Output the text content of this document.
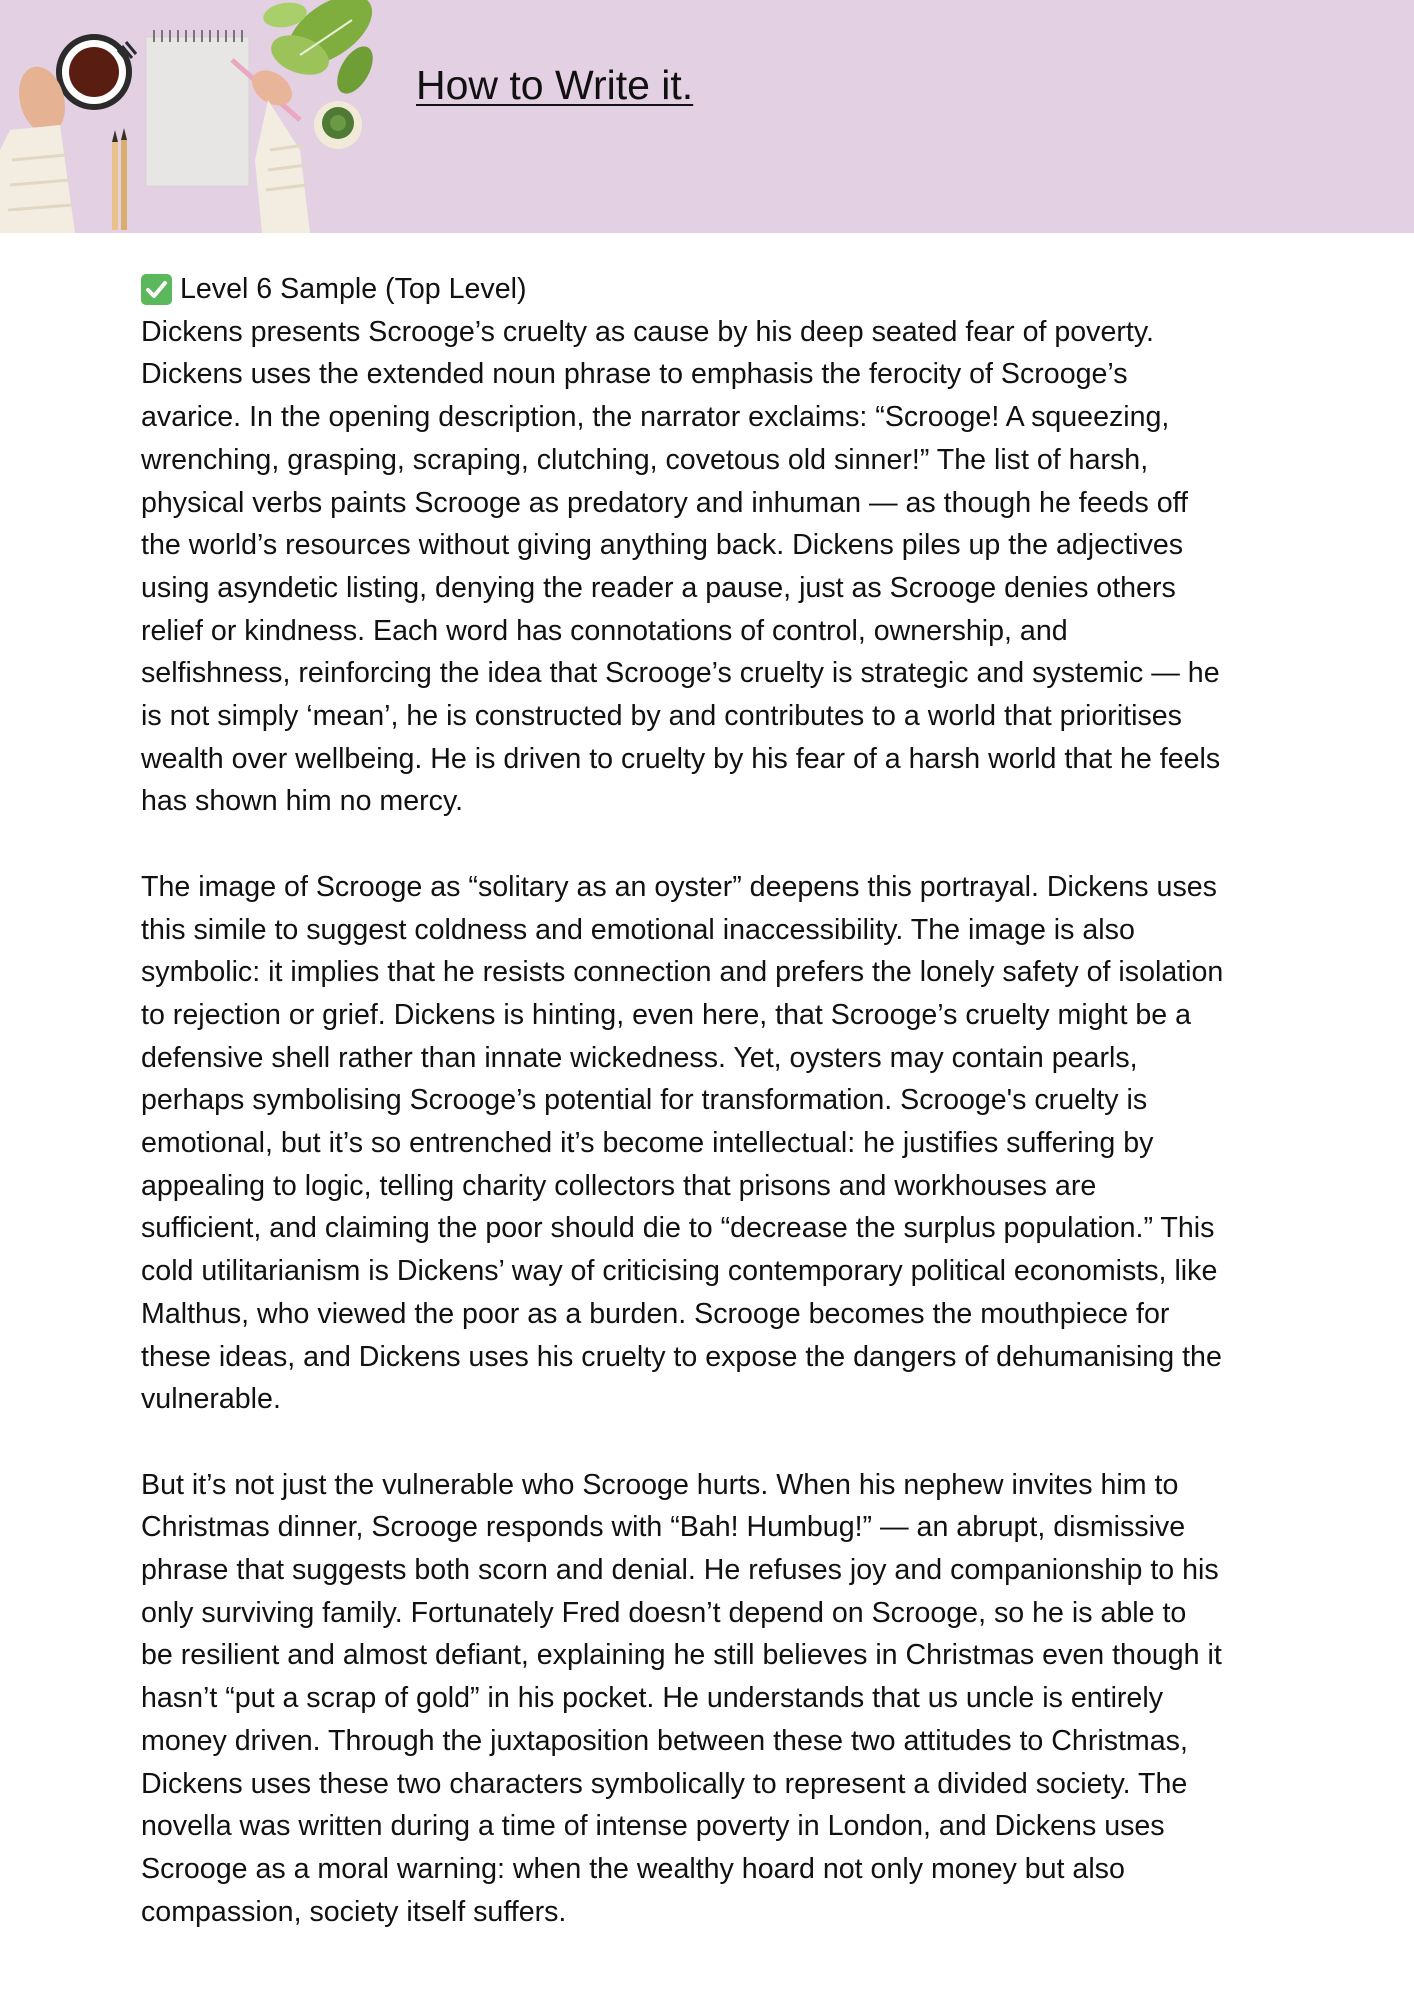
How to Write it.
Level 6 Sample (Top Level)

Dickens presents Scrooge’s cruelty as cause by his deep seated fear of poverty.
Dickens uses the extended noun phrase to emphasis the ferocity of Scrooge’s
avarice. In the opening description, the narrator exclaims: “Scrooge! A squeezing,
wrenching, grasping, scraping, clutching, covetous old sinner!” The list of harsh,
physical verbs paints Scrooge as predatory and inhuman — as though he feeds off
the world’s resources without giving anything back. Dickens piles up the adjectives
using asyndetic listing, denying the reader a pause, just as Scrooge denies others
relief or kindness. Each word has connotations of control, ownership, and
selfishness, reinforcing the idea that Scrooge’s cruelty is strategic and systemic — he
is not simply ‘mean’, he is constructed by and contributes to a world that prioritises
wealth over wellbeing. He is driven to cruelty by his fear of a harsh world that he feels
has shown him no mercy.

The image of Scrooge as “solitary as an oyster” deepens this portrayal. Dickens uses
this simile to suggest coldness and emotional inaccessibility. The image is also
symbolic: it implies that he resists connection and prefers the lonely safety of isolation
to rejection or grief. Dickens is hinting, even here, that Scrooge’s cruelty might be a
defensive shell rather than innate wickedness. Yet, oysters may contain pearls,
perhaps symbolising Scrooge’s potential for transformation. Scrooge's cruelty is
emotional, but it’s so entrenched it’s become intellectual: he justifies suffering by
appealing to logic, telling charity collectors that prisons and workhouses are
sufficient, and claiming the poor should die to “decrease the surplus population.” This
cold utilitarianism is Dickens’ way of criticising contemporary political economists, like
Malthus, who viewed the poor as a burden. Scrooge becomes the mouthpiece for
these ideas, and Dickens uses his cruelty to expose the dangers of dehumanising the
vulnerable.

But it’s not just the vulnerable who Scrooge hurts. When his nephew invites him to
Christmas dinner, Scrooge responds with “Bah! Humbug!” — an abrupt, dismissive
phrase that suggests both scorn and denial. He refuses joy and companionship to his
only surviving family. Fortunately Fred doesn’t depend on Scrooge, so he is able to
be resilient and almost defiant, explaining he still believes in Christmas even though it
hasn’t “put a scrap of gold” in his pocket. He understands that us uncle is entirely
money driven. Through the juxtaposition between these two attitudes to Christmas,
Dickens uses these two characters symbolically to represent a divided society. The
novella was written during a time of intense poverty in London, and Dickens uses
Scrooge as a moral warning: when the wealthy hoard not only money but also
compassion, society itself suffers.
